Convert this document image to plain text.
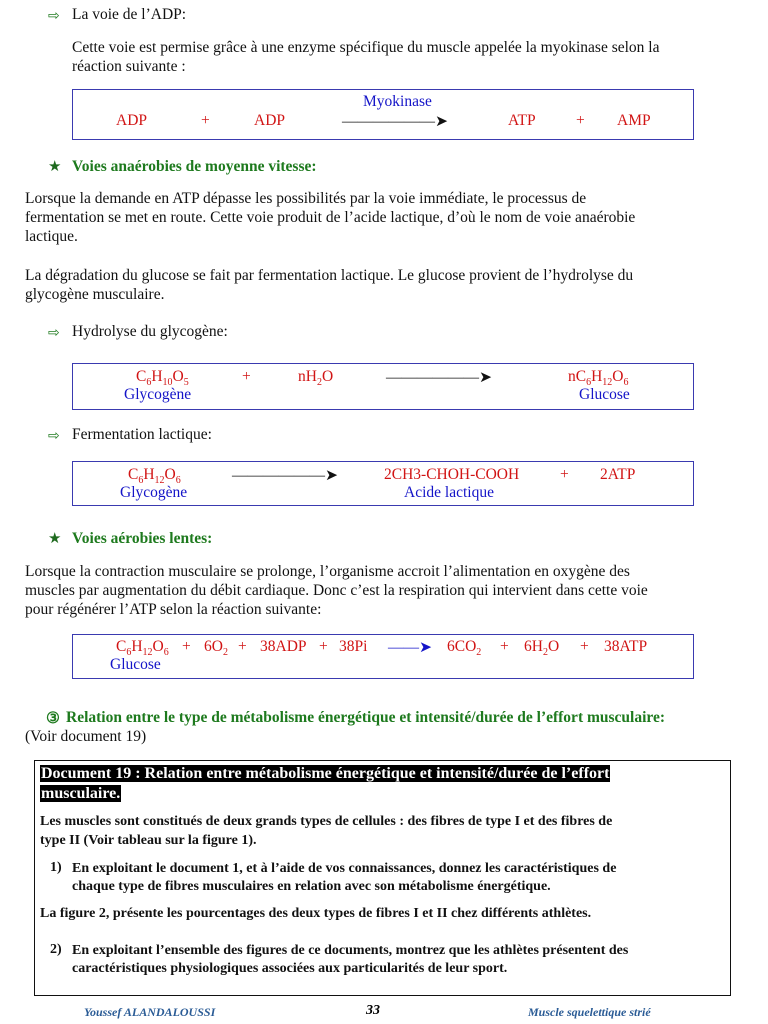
⇨ La voie de l’ADP:
Cette voie est permise grâce à une enzyme spécifique du muscle appelée la myokinase selon la
réaction suivante :
Myokinase
ADP	+	ADP	——————➤	ATP	+ AMP
★ Voies anaérobies de moyenne vitesse:
Lorsque la demande en ATP dépasse les possibilités par la voie immédiate, le processus de
fermentation se met en route. Cette voie produit de l’acide lactique, d’où le nom de voie anaérobie
lactique.
La dégradation du glucose se fait par fermentation lactique. Le glucose provient de l’hydrolyse du
glycogène musculaire.
⇨ Hydrolyse du glycogène:
$C_6H_{10}O_5$
Glycogène
+	$nH_2O$	——————➤	$nC_6H_{12}O_6$
Glucose
⇨ Fermentation lactique:
$C_6H_{12}O_6$
Glycogène
——————➤	2CH3-CHOH-COOH
Acide lactique
+ 2ATP
★ Voies aérobies lentes:
Lorsque la contraction musculaire se prolonge, l’organisme accroit l’alimentation en oxygène des
muscles par augmentation du débit cardiaque. Donc c’est la respiration qui intervient dans cette voie
pour régénérer l’ATP selon la réaction suivante:
$C_6H_{12}O_6$
Glucose
+ $6O_2 + 38ADP + 38Pi$ ——➤ $6CO_2 + 6H_2O + 38ATP$
③ Relation entre le type de métabolisme énergétique et intensité/durée de l’effort musculaire:
(Voir document 19)
Document 19 : Relation entre métabolisme énergétique et intensité/durée de l’effort
musculaire.
Les muscles sont constitués de deux grands types de cellules : des fibres de type I et des fibres de
type II (Voir tableau sur la figure 1).
1) En exploitant le document 1, et à l’aide de vos connaissances, donnez les caractéristiques de
chaque type de fibres musculaires en relation avec son métabolisme énergétique.
La figure 2, présente les pourcentages des deux types de fibres I et II chez différents athlètes.
2) En exploitant l’ensemble des figures de ce documents, montrez que les athlètes présentent des
caractéristiques physiologiques associées aux particularités de leur sport.
Youssef ALANDALOUSSI	33	Muscle squelettique strié
